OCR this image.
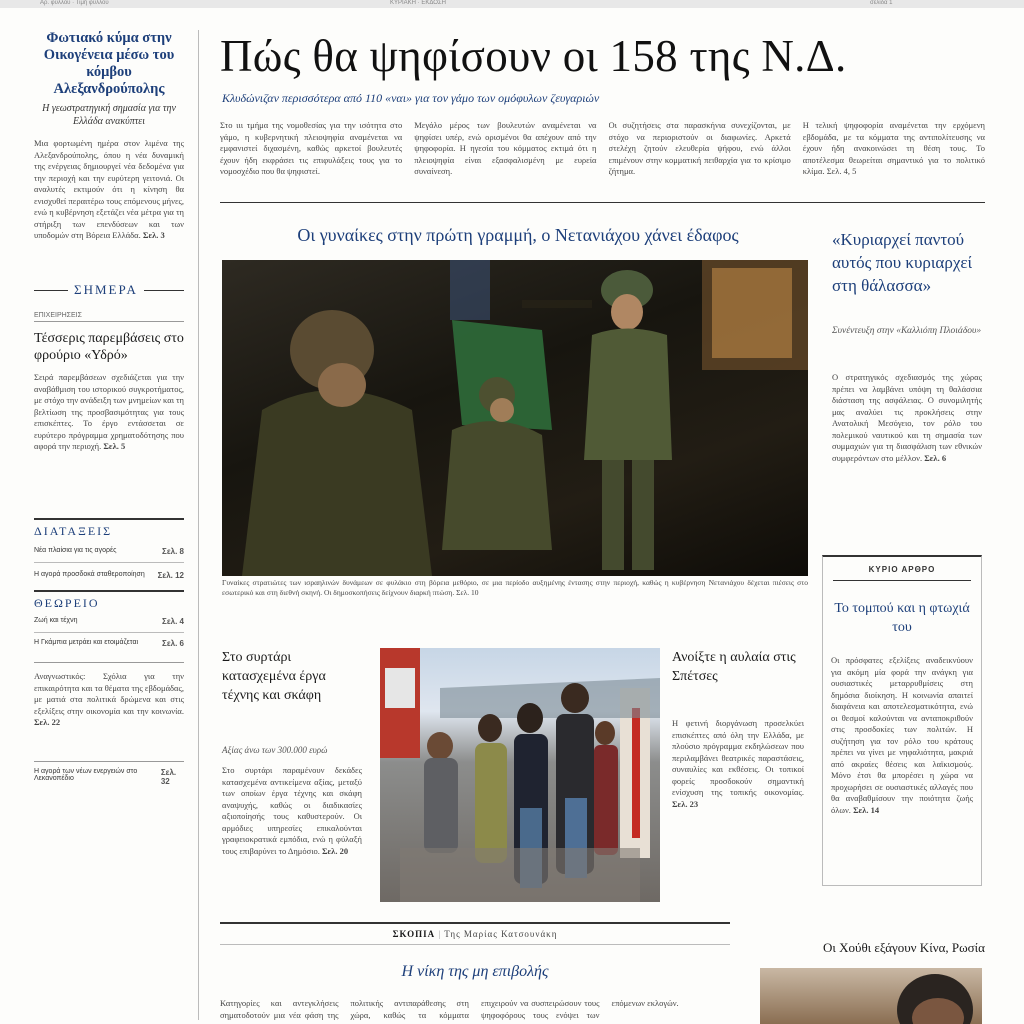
Αρ. φύλλου · Τιμή φύλλου	ΚΥΡΙΑΚΗ · ΕΚΔΟΣΗ	σελίδα 1
Φωτιακό κύμα στην Οικογένεια μέσω του κόμβου Αλεξανδρούπολης
Η γεωστρατηγική σημασία για την Ελλάδα ανακύπτει
Μια φορτωμένη ημέρα στον λιμένα της Αλεξανδρούπολης, όπου η νέα δυναμική της ενέργειας δημιουργεί νέα δεδομένα για την περιοχή και την ευρύτερη γειτονιά. Οι αναλυτές εκτιμούν ότι η κίνηση θα ενισχυθεί περαιτέρω τους επόμενους μήνες, ενώ η κυβέρνηση εξετάζει νέα μέτρα για τη στήριξη των επενδύσεων και των υποδομών στη Βόρεια Ελλάδα. Σελ. 3
ΣΗΜΕΡΑ
ΕΠΙΧΕΙΡΗΣΕΙΣ
Τέσσερις παρεμβάσεις στο φρούριο «Υδρό»
Σειρά παρεμβάσεων σχεδιάζεται για την αναβάθμιση του ιστορικού συγκροτήματος, με στόχο την ανάδειξη των μνημείων και τη βελτίωση της προσβασιμότητας για τους επισκέπτες. Το έργο εντάσσεται σε ευρύτερο πρόγραμμα χρηματοδότησης που αφορά την περιοχή. Σελ. 5
ΔΙΑΤΑΞΕΙΣ
Νέα πλαίσια για τις αγορές	Σελ. 8
Η αγορά προσδοκά σταθεροποίηση Σελ. 12
ΘΕΩΡΕΙΟ
Ζωή και τέχνη	Σελ. 4
Η Γκάμπια μετράει και ετοιμάζεται	Σελ. 6
Αναγνωστικός: Σχόλια για την επικαιρότητα και τα θέματα της εβδομάδας, με ματιά στα πολιτικά δρώμενα και στις εξελίξεις στην οικονομία και την κοινωνία. Σελ. 22
Η αγορά των νέων ενεργειών στο Λεκανοπέδιο
Σελ. 32
Πώς θα ψηφίσουν οι 158 της Ν.Δ.
Κλυδώνιζαν περισσότερα από 110 «ναι» για τον γάμο των ομόφυλων ζευγαριών
Στο ιιι τμήμα της νομοθεσίας για την ισότητα στο γάμο, η κυβερνητική πλειοψηφία αναμένεται να εμφανιστεί διχασμένη, καθώς αρκετοί βουλευτές έχουν ήδη εκφράσει τις επιφυλάξεις τους για το νομοσχέδιο που θα ψηφιστεί.
Μεγάλο μέρος των βουλευτών αναμένεται να ψηφίσει υπέρ, ενώ ορισμένοι θα απέχουν από την ψηφοφορία. Η ηγεσία του κόμματος εκτιμά ότι η πλειοψηφία είναι εξασφαλισμένη με ευρεία συναίνεση.
Οι συζητήσεις στα παρασκήνια συνεχίζονται, με στόχο να περιοριστούν οι διαφωνίες. Αρκετά στελέχη ζητούν ελευθερία ψήφου, ενώ άλλοι επιμένουν στην κομματική πειθαρχία για το κρίσιμο ζήτημα.
Η τελική ψηφοφορία αναμένεται την ερχόμενη εβδομάδα, με τα κόμματα της αντιπολίτευσης να έχουν ήδη ανακοινώσει τη θέση τους. Το αποτέλεσμα θεωρείται σημαντικό για το πολιτικό κλίμα. Σελ. 4, 5
Οι γυναίκες στην πρώτη γραμμή, ο Νετανιάχου χάνει έδαφος
Γυναίκες στρατιώτες των ισραηλινών δυνάμεων σε φυλάκιο στη βόρεια μεθόριο, σε μια περίοδο αυξημένης έντασης στην περιοχή, καθώς η κυβέρνηση Νετανιάχου δέχεται πιέσεις στο εσωτερικό και στη διεθνή σκηνή. Οι δημοσκοπήσεις δείχνουν διαρκή πτώση. Σελ. 10
«Κυριαρχεί παντού αυτός που κυριαρχεί στη θάλασσα»
Συνέντευξη στην «Καλλιόπη Πλοιάδου»
Ο στρατηγικός σχεδιασμός της χώρας πρέπει να λαμβάνει υπόψη τη θαλάσσια διάσταση της ασφάλειας. Ο συνομιλητής μας αναλύει τις προκλήσεις στην Ανατολική Μεσόγειο, τον ρόλο του πολεμικού ναυτικού και τη σημασία των συμμαχιών για τη διασφάλιση των εθνικών συμφερόντων στο μέλλον. Σελ. 6
ΚΥΡΙΟ ΑΡΘΡΟ
Το τομπού και η φτωχιά του
Οι πρόσφατες εξελίξεις αναδεικνύουν για ακόμη μία φορά την ανάγκη για ουσιαστικές μεταρρυθμίσεις στη δημόσια διοίκηση. Η κοινωνία απαιτεί διαφάνεια και αποτελεσματικότητα, ενώ οι θεσμοί καλούνται να ανταποκριθούν στις προσδοκίες των πολιτών. Η συζήτηση για τον ρόλο του κράτους πρέπει να γίνει με νηφαλιότητα, μακριά από ακραίες θέσεις και λαϊκισμούς. Μόνο έτσι θα μπορέσει η χώρα να προχωρήσει σε ουσιαστικές αλλαγές που θα αναβαθμίσουν την ποιότητα ζωής όλων. Σελ. 14
Στο συρτάρι κατασχεμένα έργα τέχνης και σκάφη
Αξίας άνω των 300.000 ευρώ
Στο συρτάρι παραμένουν δεκάδες κατασχεμένα αντικείμενα αξίας, μεταξύ των οποίων έργα τέχνης και σκάφη αναψυχής, καθώς οι διαδικασίες αξιοποίησής τους καθυστερούν. Οι αρμόδιες υπηρεσίες επικαλούνται γραφειοκρατικά εμπόδια, ενώ η φύλαξή τους επιβαρύνει το Δημόσιο. Σελ. 20
Ανοίξτε η αυλαία στις Σπέτσες
Η φετινή διοργάνωση προσελκύει επισκέπτες από όλη την Ελλάδα, με πλούσιο πρόγραμμα εκδηλώσεων που περιλαμβάνει θεατρικές παραστάσεις, συναυλίες και εκθέσεις. Οι τοπικοί φορείς προσδοκούν σημαντική ενίσχυση της τοπικής οικονομίας. Σελ. 23
ΣΚΟΠΙΑ | Της Μαρίας Κατσουνάκη
Η νίκη της μη επιβολής
Κατηγορίες και αντεγκλήσεις σηματοδοτούν μια νέα φάση της πολιτικής αντιπαράθεσης στη χώρα, καθώς τα κόμματα επιχειρούν να συσπειρώσουν τους ψηφοφόρους τους ενόψει των επόμενων εκλογών.
Οι Χούθι εξάγουν Κίνα, Ρωσία
